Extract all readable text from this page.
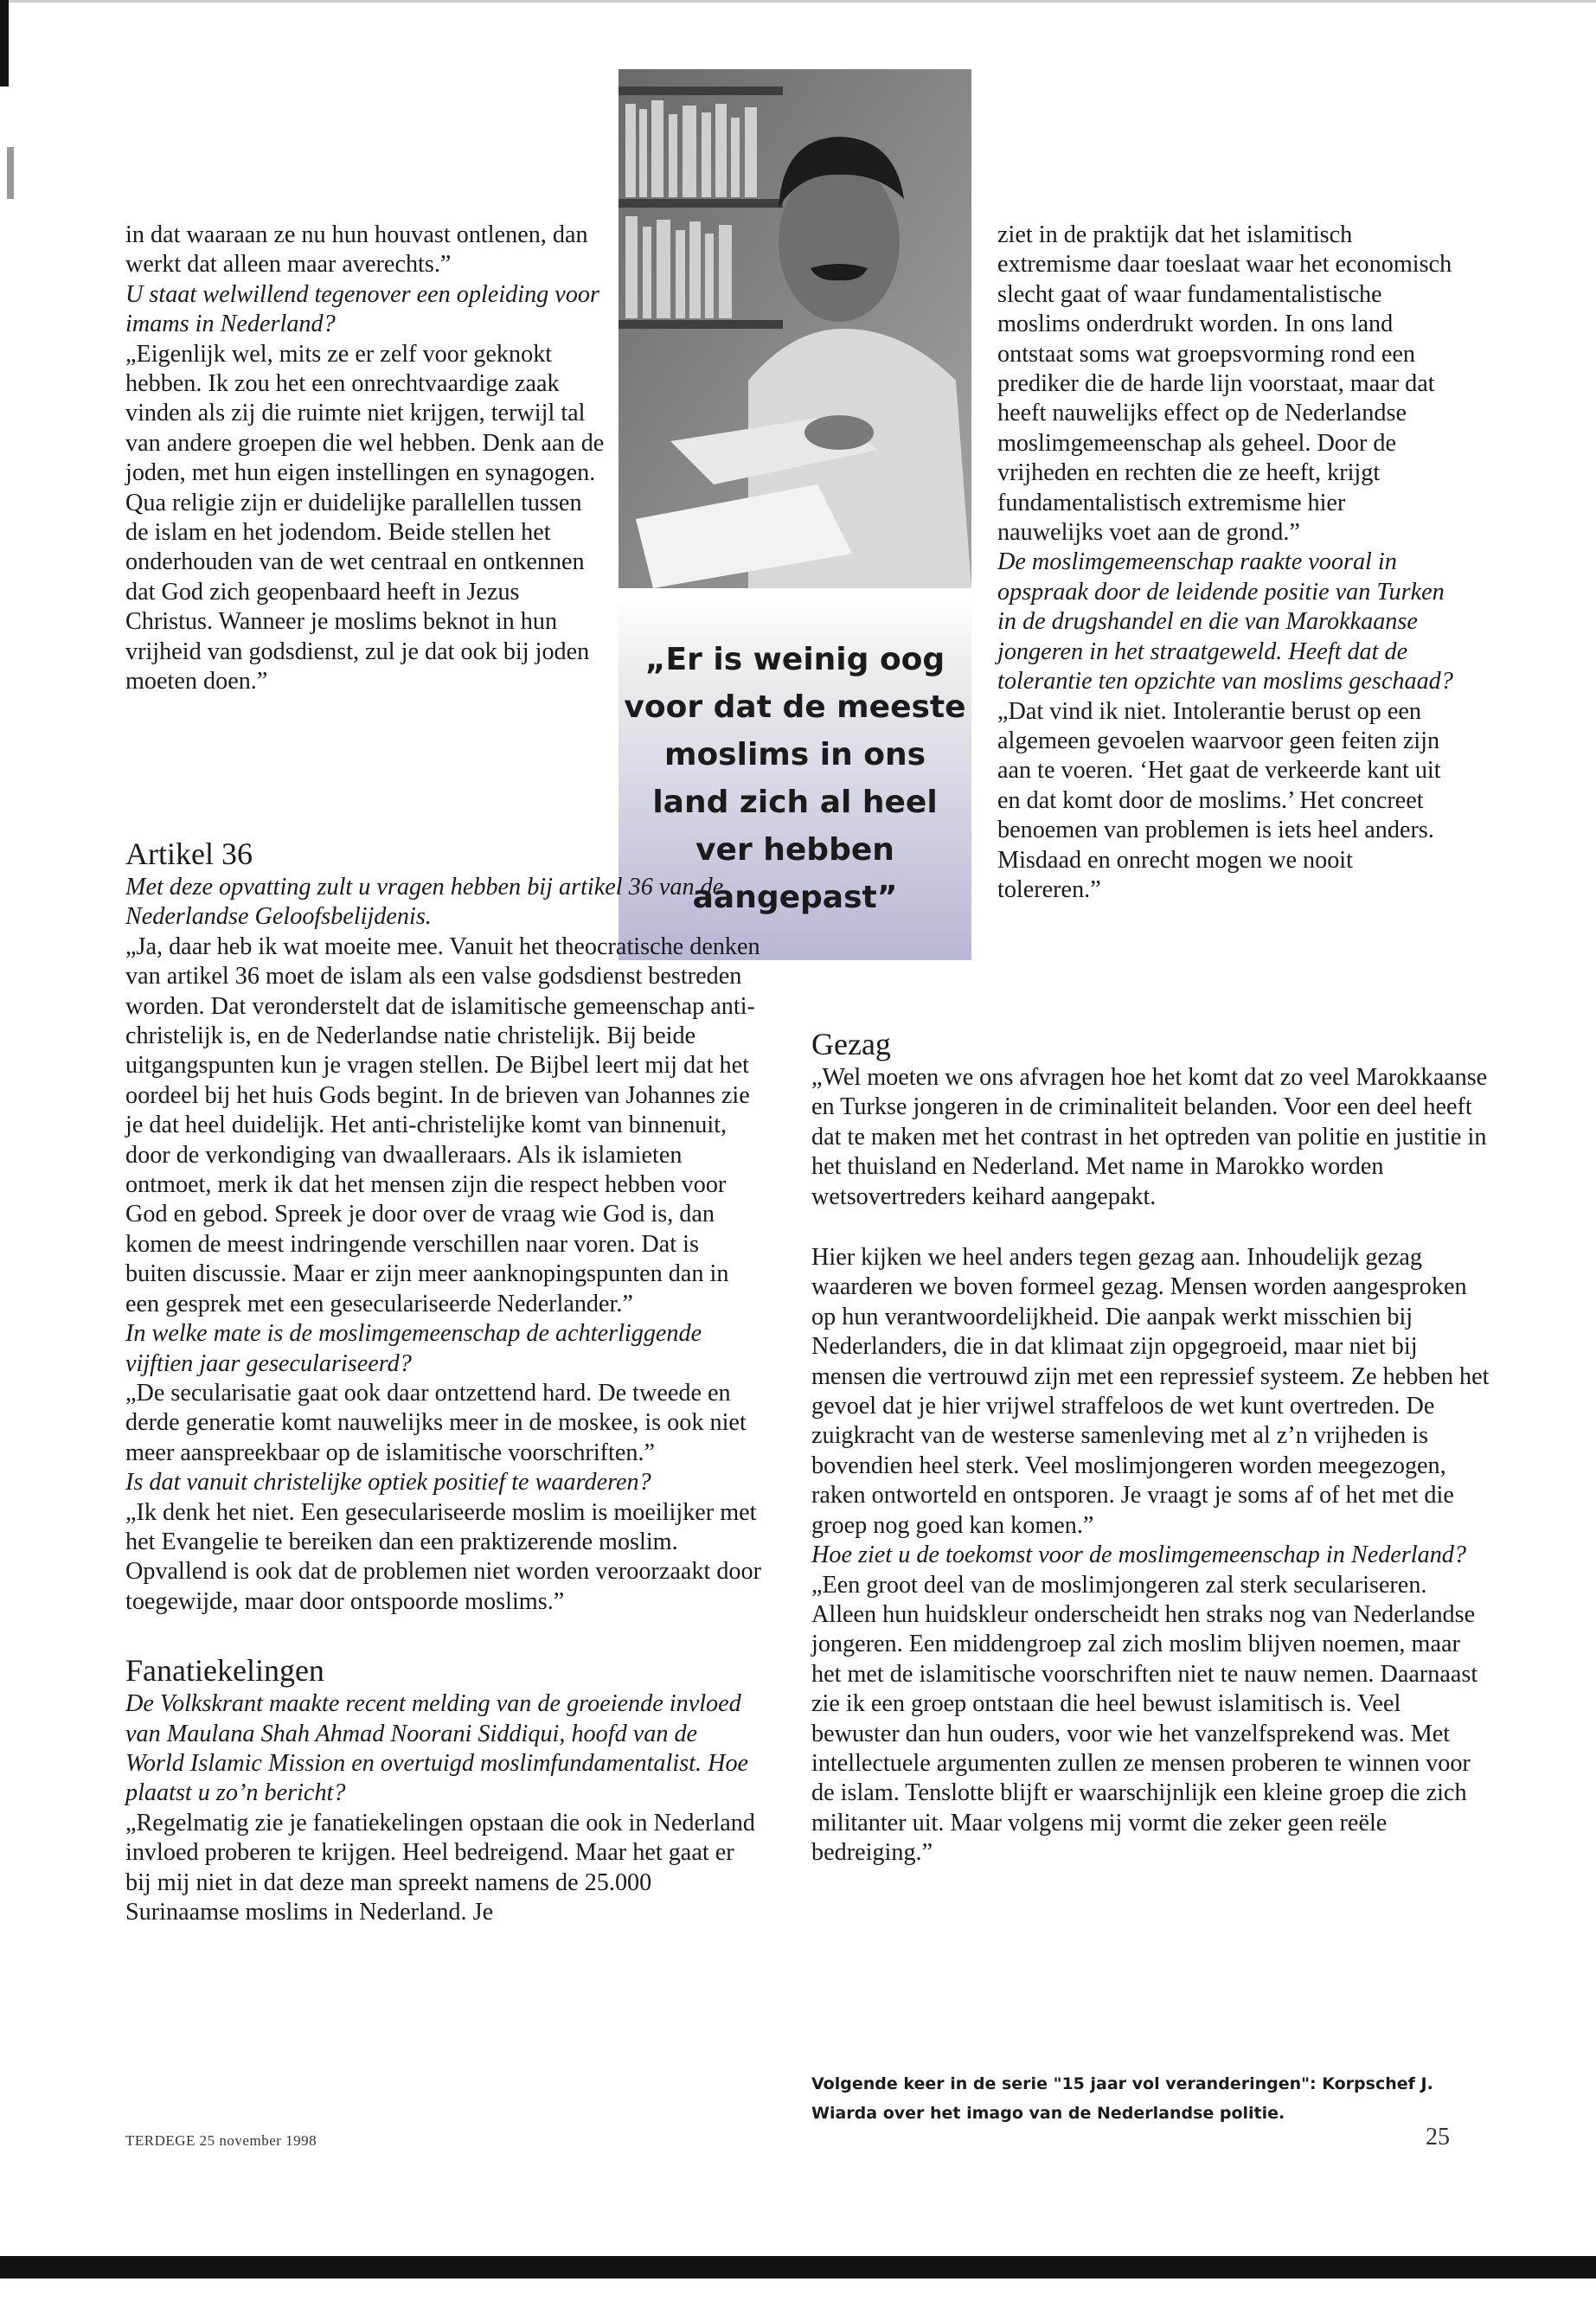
in dat waaraan ze nu hun houvast ontlenen, dan werkt dat alleen maar averechts.”

U staat welwillend tegenover een opleiding voor imams in Nederland?

„Eigenlijk wel, mits ze er zelf voor geknokt hebben. Ik zou het een onrechtvaardige zaak vinden als zij die ruimte niet krijgen, terwijl tal van andere groepen die wel hebben. Denk aan de joden, met hun eigen instellingen en synagogen. Qua religie zijn er duidelijke parallellen tussen de islam en het jodendom. Beide stellen het onderhouden van de wet centraal en ontkennen dat God zich geopenbaard heeft in Jezus Christus. Wanneer je moslims beknot in hun vrijheid van godsdienst, zul je dat ook bij joden moeten doen.”

„Er is weinig oog voor dat de meeste moslims in ons land zich al heel ver hebben aangepast”
Artikel 36

Met deze opvatting zult u vragen hebben bij artikel 36 van de Nederlandse Geloofsbelijdenis.

„Ja, daar heb ik wat moeite mee. Vanuit het theocratische denken van artikel 36 moet de islam als een valse godsdienst bestreden worden. Dat veronderstelt dat de islamitische gemeenschap anti-christelijk is, en de Nederlandse natie christelijk. Bij beide uitgangspunten kun je vragen stellen. De Bijbel leert mij dat het oordeel bij het huis Gods begint. In de brieven van Johannes zie je dat heel duidelijk. Het anti-christelijke komt van binnenuit, door de verkondiging van dwaalleraars. Als ik islamieten ontmoet, merk ik dat het mensen zijn die respect hebben voor God en gebod. Spreek je door over de vraag wie God is, dan komen de meest indringende verschillen naar voren. Dat is buiten discussie. Maar er zijn meer aanknopingspunten dan in een gesprek met een geseculariseerde Nederlander.”

In welke mate is de moslimgemeenschap de achterliggende vijftien jaar geseculariseerd?

„De secularisatie gaat ook daar ontzettend hard. De tweede en derde generatie komt nauwelijks meer in de moskee, is ook niet meer aanspreekbaar op de islamitische voorschriften.”

Is dat vanuit christelijke optiek positief te waarderen?

„Ik denk het niet. Een geseculariseerde moslim is moeilijker met het Evangelie te bereiken dan een praktizerende moslim. Opvallend is ook dat de problemen niet worden veroorzaakt door toegewijde, maar door ontspoorde moslims.”

Fanatiekelingen

De Volkskrant maakte recent melding van de groeiende invloed van Maulana Shah Ahmad Noorani Siddiqui, hoofd van de World Islamic Mission en overtuigd moslimfundamentalist. Hoe plaatst u zo’n bericht?

„Regelmatig zie je fanatiekelingen opstaan die ook in Nederland invloed proberen te krijgen. Heel bedreigend. Maar het gaat er bij mij niet in dat deze man spreekt namens de 25.000 Surinaamse moslims in Nederland. Je

ziet in de praktijk dat het islamitisch extremisme daar toeslaat waar het economisch slecht gaat of waar fundamentalistische moslims onderdrukt worden. In ons land ontstaat soms wat groepsvorming rond een prediker die de harde lijn voorstaat, maar dat heeft nauwelijks effect op de Nederlandse moslimgemeenschap als geheel. Door de vrijheden en rechten die ze heeft, krijgt fundamentalistisch extremisme hier nauwelijks voet aan de grond.”

De moslimgemeenschap raakte vooral in opspraak door de leidende positie van Turken in de drugshandel en die van Marokkaanse jongeren in het straatgeweld. Heeft dat de tolerantie ten opzichte van moslims geschaad?

„Dat vind ik niet. Intolerantie berust op een algemeen gevoelen waarvoor geen feiten zijn aan te voeren. ‘Het gaat de verkeerde kant uit en dat komt door de moslims.’ Het concreet benoemen van problemen is iets heel anders. Misdaad en onrecht mogen we nooit tolereren.”

Gezag

„Wel moeten we ons afvragen hoe het komt dat zo veel Marokkaanse en Turkse jongeren in de criminaliteit belanden. Voor een deel heeft dat te maken met het contrast in het optreden van politie en justitie in het thuisland en Nederland. Met name in Marokko worden wetsovertreders keihard aangepakt.

Hier kijken we heel anders tegen gezag aan. Inhoudelijk gezag waarderen we boven formeel gezag. Mensen worden aangesproken op hun verantwoordelijkheid. Die aanpak werkt misschien bij Nederlanders, die in dat klimaat zijn opgegroeid, maar niet bij mensen die vertrouwd zijn met een repressief systeem. Ze hebben het gevoel dat je hier vrijwel straffeloos de wet kunt overtreden. De zuigkracht van de westerse samenleving met al z’n vrijheden is bovendien heel sterk. Veel moslimjongeren worden meegezogen, raken ontworteld en ontsporen. Je vraagt je soms af of het met die groep nog goed kan komen.”

Hoe ziet u de toekomst voor de moslimgemeenschap in Nederland?

„Een groot deel van de moslimjongeren zal sterk seculariseren. Alleen hun huidskleur onderscheidt hen straks nog van Nederlandse jongeren. Een middengroep zal zich moslim blijven noemen, maar het met de islamitische voorschriften niet te nauw nemen. Daarnaast zie ik een groep ontstaan die heel bewust islamitisch is. Veel bewuster dan hun ouders, voor wie het vanzelfsprekend was. Met intellectuele argumenten zullen ze mensen proberen te winnen voor de islam. Tenslotte blijft er waarschijnlijk een kleine groep die zich militanter uit. Maar volgens mij vormt die zeker geen reële bedreiging.”

Volgende keer in de serie "15 jaar vol veranderingen": Korpschef J. Wiarda over het imago van de Nederlandse politie.
TERDEGE 25 november 1998	25
